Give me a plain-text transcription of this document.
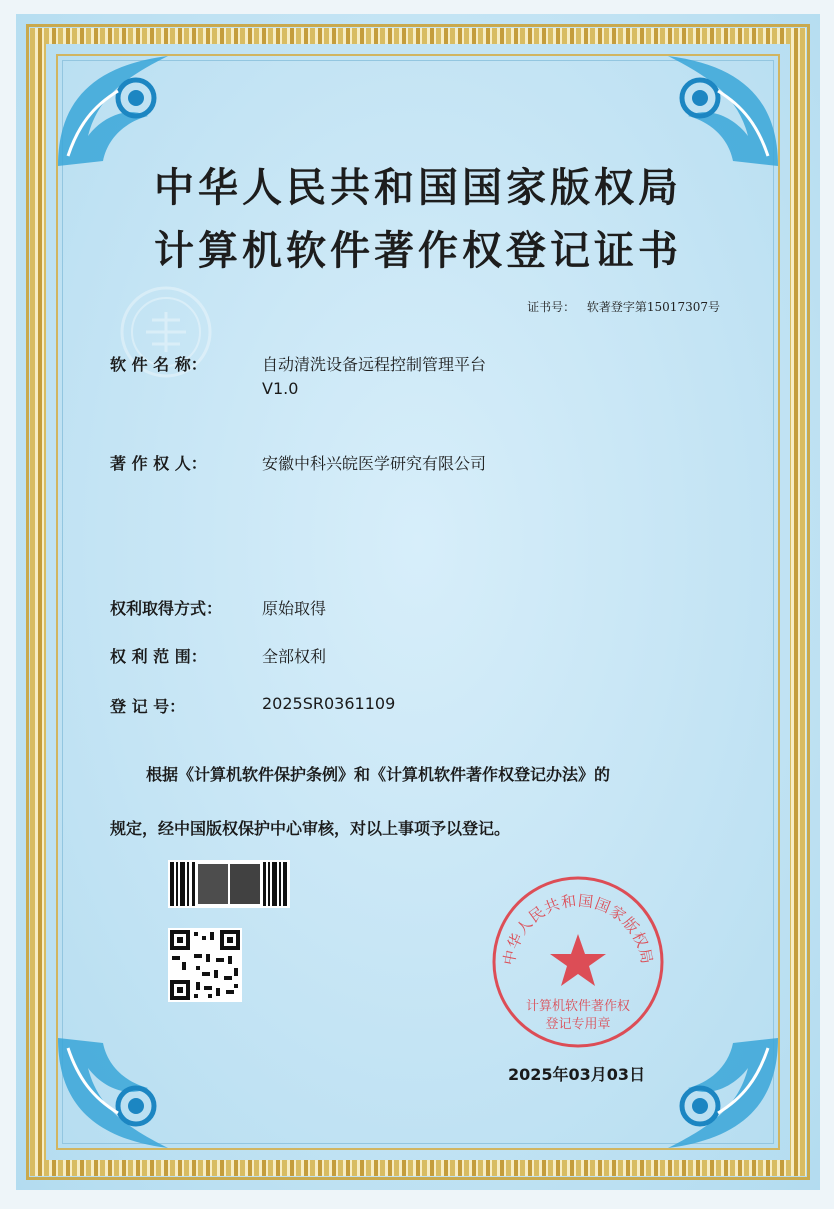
中华人民共和国国家版权局
计算机软件著作权登记证书
证书号： 软著登字第15017307号
软 件 名 称：	自动清洗设备远程控制管理平台
V1.0
著 作 权 人：	安徽中科兴皖医学研究有限公司
权利取得方式： 原始取得
权 利 范 围：	全部权利
登 记 号：	2025SR0361109
根据《计算机软件保护条例》和《计算机软件著作权登记办法》的
规定，经中国版权保护中心审核，对以上事项予以登记。
中华人民共和国国家版权局
计算机软件著作权
登记专用章
2025年03月03日
